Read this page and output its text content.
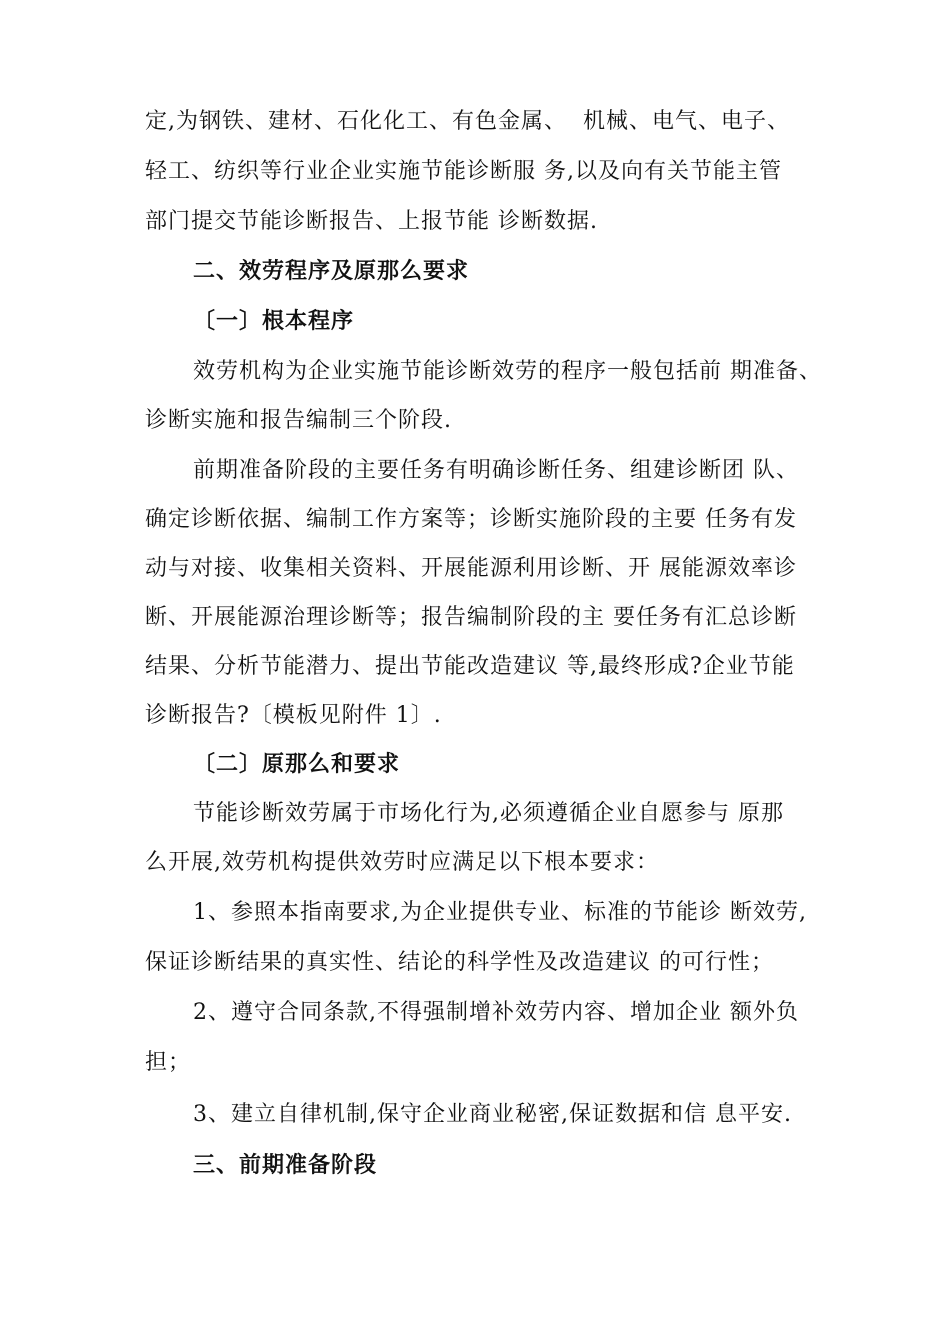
定,为钢铁、建材、石化化工、有色金属、  机械、电气、电子、
轻工、纺织等行业企业实施节能诊断服 务,以及向有关节能主管
部门提交节能诊断报告、上报节能 诊断数据.
二、效劳程序及原那么要求
〔一〕根本程序
效劳机构为企业实施节能诊断效劳的程序一般包括前 期准备、
诊断实施和报告编制三个阶段.
前期准备阶段的主要任务有明确诊断任务、组建诊断团 队、
确定诊断依据、编制工作方案等；诊断实施阶段的主要 任务有发
动与对接、收集相关资料、开展能源利用诊断、开 展能源效率诊
断、开展能源治理诊断等；报告编制阶段的主 要任务有汇总诊断
结果、分析节能潜力、提出节能改造建议 等,最终形成?企业节能
诊断报告?〔模板见附件 1〕.
〔二〕原那么和要求
节能诊断效劳属于市场化行为,必须遵循企业自愿参与 原那
么开展,效劳机构提供效劳时应满足以下根本要求：
1、参照本指南要求,为企业提供专业、标准的节能诊 断效劳,
保证诊断结果的真实性、结论的科学性及改造建议 的可行性；
2、遵守合同条款,不得强制增补效劳内容、增加企业 额外负
担；
3、建立自律机制,保守企业商业秘密,保证数据和信 息平安.
三、前期准备阶段
